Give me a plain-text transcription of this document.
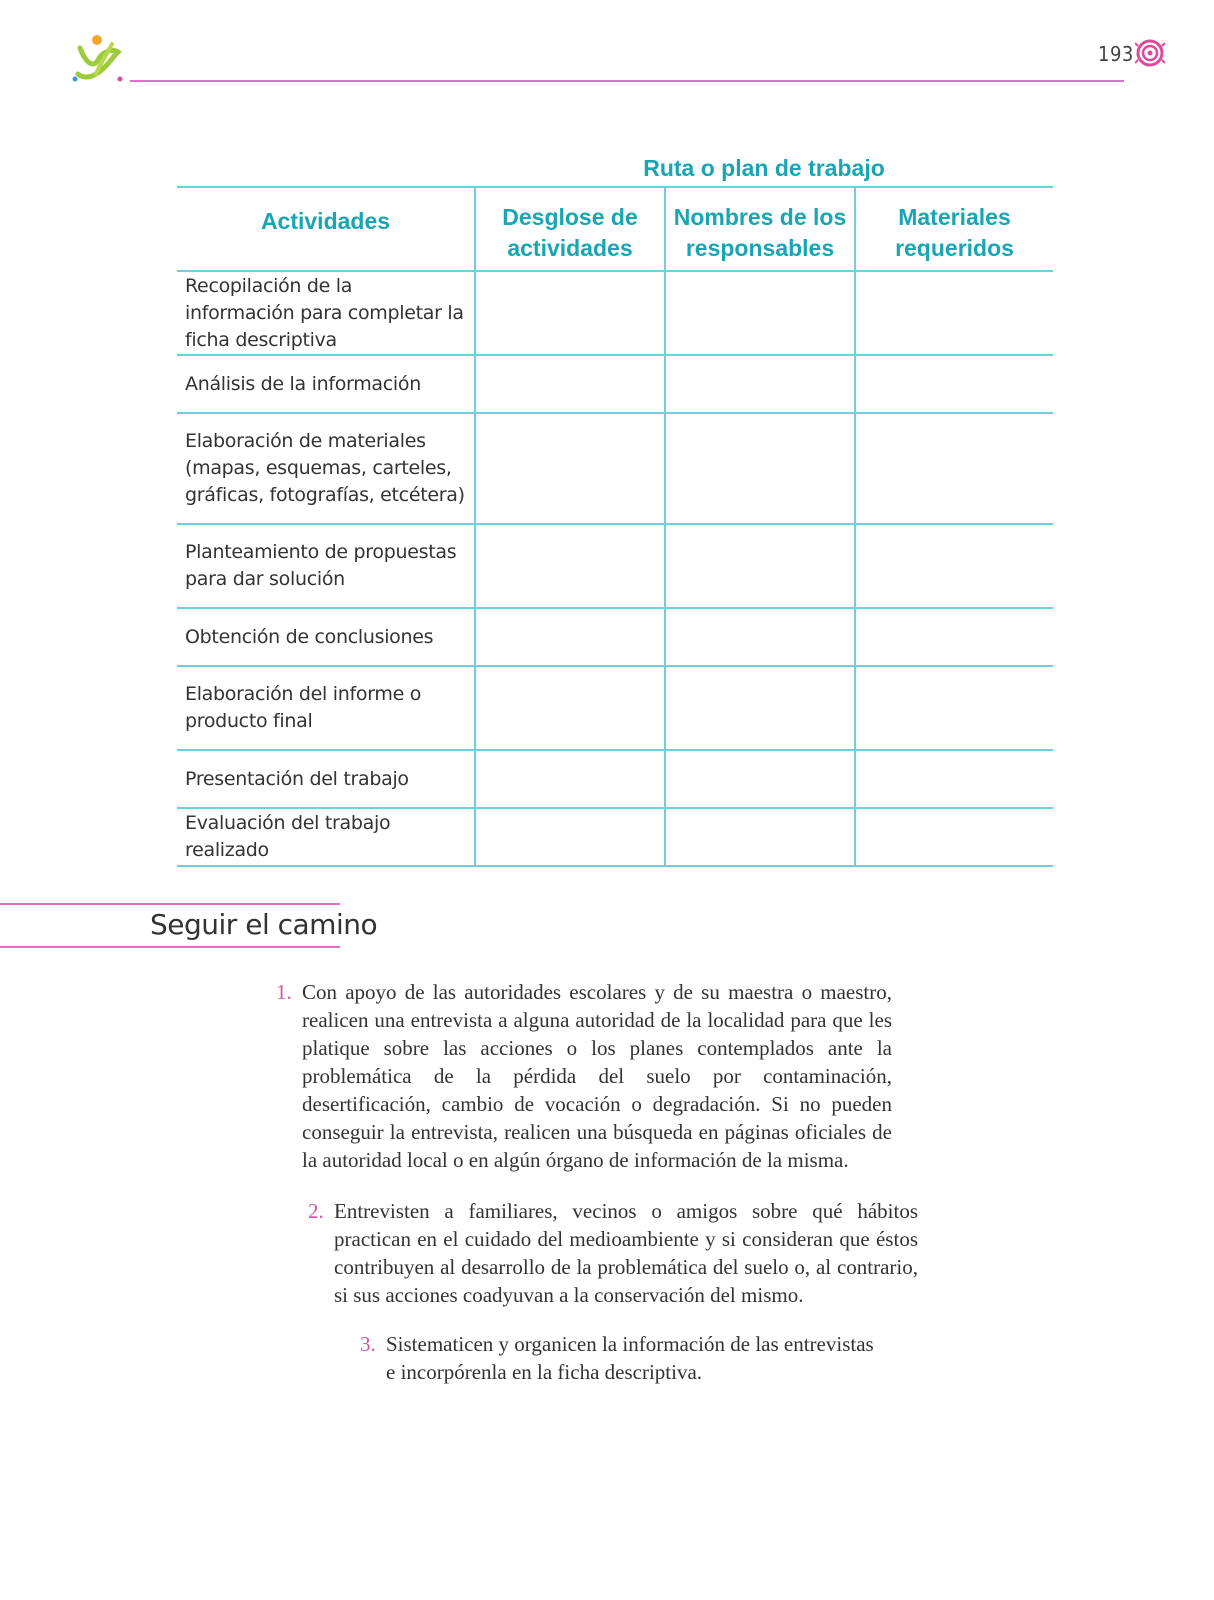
193
Ruta o plan de trabajo
Actividades	Desglose de actividades	Nombres de los responsables	Materiales requeridos
Recopilación de la información para completar la ficha descriptiva			
Análisis de la información			
Elaboración de materiales (mapas, esquemas, carteles, gráficas, fotografías, etcétera)			
Planteamiento de propuestas para dar solución			
Obtención de conclusiones			
Elaboración del informe o producto final			
Presentación del trabajo			
Evaluación del trabajo realizado			
Seguir el camino
1. Con apoyo de las autoridades escolares y de su maestra o maestro, realicen una entrevista a alguna autoridad de la localidad para que les platique sobre las acciones o los planes contemplados ante la problemática de la pérdida del suelo por contaminación, desertificación, cambio de vocación o degradación. Si no pueden conseguir la entrevista, realicen una búsqueda en páginas oficiales de la autoridad local o en algún órgano de información de la misma.
2. Entrevisten a familiares, vecinos o amigos sobre qué hábitos practican en el cuidado del medioambiente y si consideran que éstos contribuyen al desarrollo de la problemática del suelo o, al contrario, si sus acciones coadyuvan a la conservación del mismo.
3. Sistematicen y organicen la información de las entrevistas e incorpórenla en la ficha descriptiva.
